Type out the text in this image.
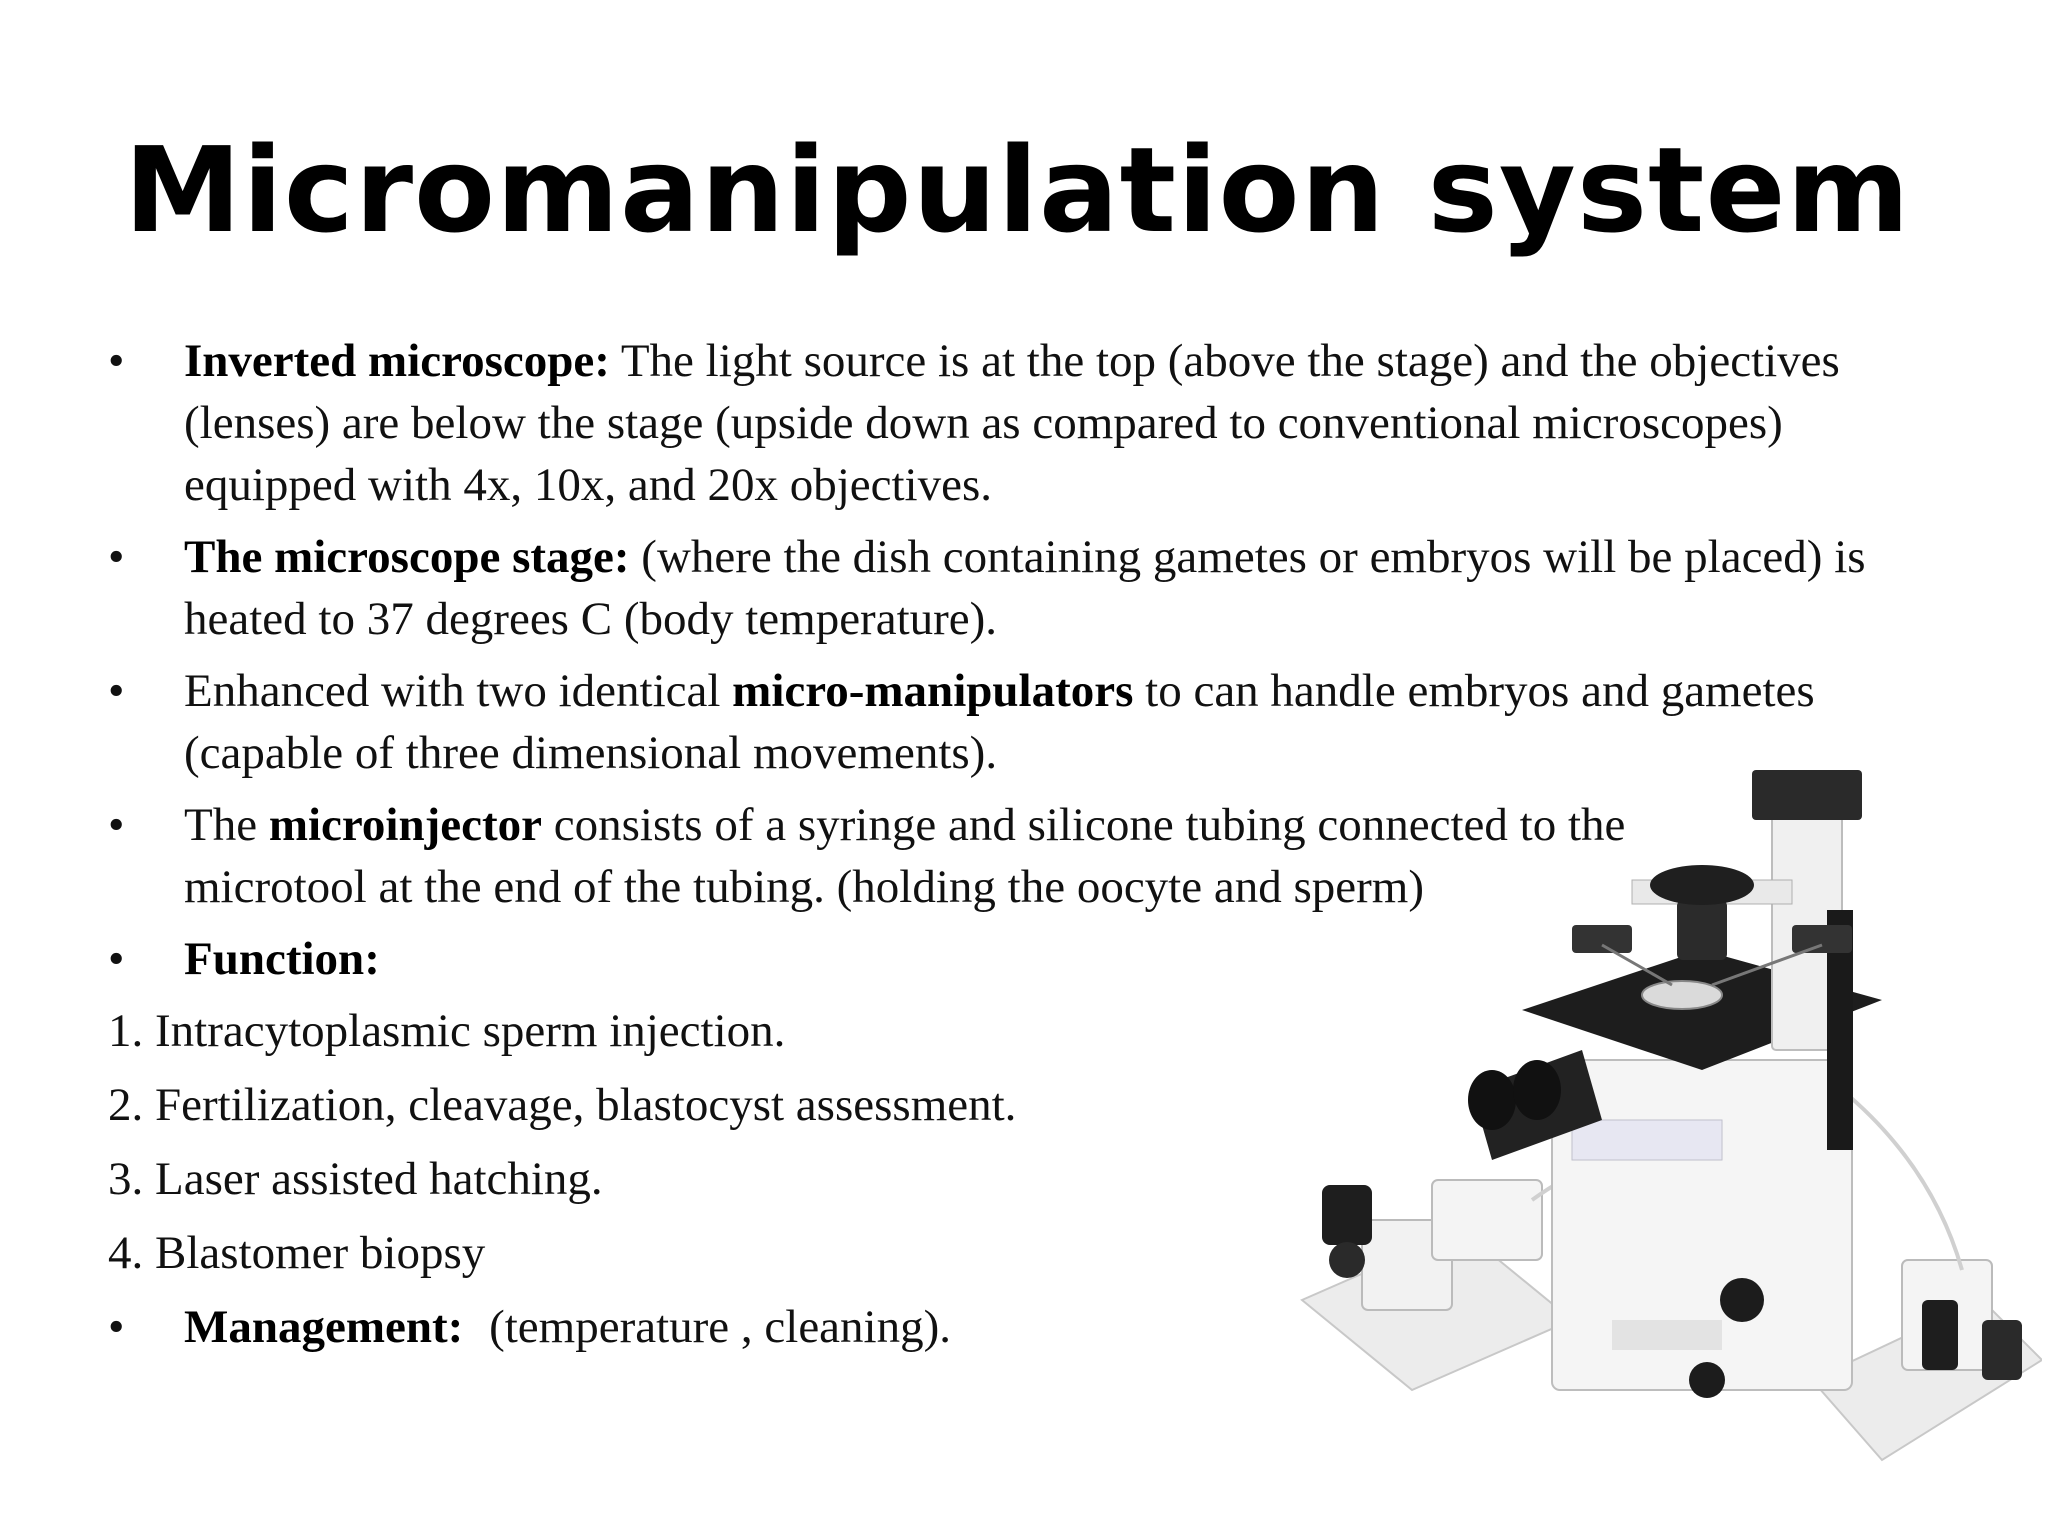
Micromanipulation system
•	Inverted microscope: The light source is at the top (above the stage) and the objectives (lenses) are below the stage (upside down as compared to conventional microscopes) equipped with 4x, 10x, and 20x objectives.
•	The microscope stage: (where the dish containing gametes or embryos will be placed) is heated to 37 degrees C (body temperature).
•	Enhanced with two identical micro-manipulators to can handle embryos and gametes (capable of three dimensional movements).
•	The microinjector consists of a syringe and silicone tubing connected to the microtool at the end of the tubing. (holding the oocyte and sperm)
•	Function:
1. Intracytoplasmic sperm injection.
2. Fertilization, cleavage, blastocyst assessment.
3. Laser assisted hatching.
4. Blastomer biopsy
•	Management: (temperature , cleaning).
